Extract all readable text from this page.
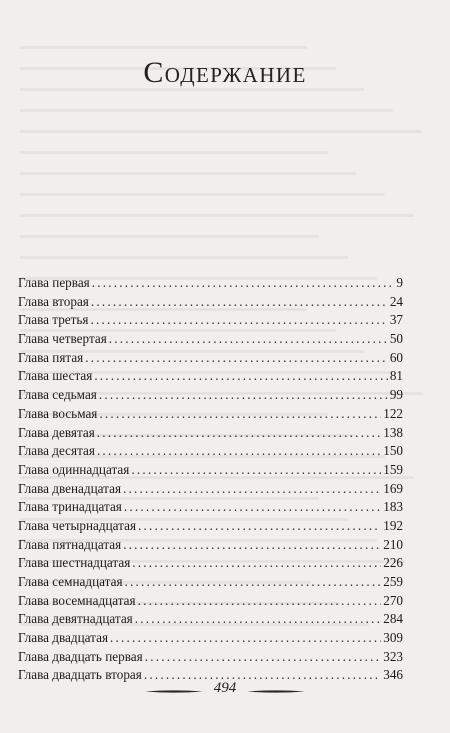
Содержание
Глава первая .....	9
Глава вторая .....	24
Глава третья .....	37
Глава четвертая .....	50
Глава пятая .....	60
Глава шестая .....	81
Глава седьмая .....	99
Глава восьмая .....	122
Глава девятая .....	138
Глава десятая .....	150
Глава одиннадцатая .....	159
Глава двенадцатая .....	169
Глава тринадцатая .....	183
Глава четырнадцатая .....	192
Глава пятнадцатая .....	210
Глава шестнадцатая .....	226
Глава семнадцатая .....	259
Глава восемнадцатая .....	270
Глава девятнадцатая .....	284
Глава двадцатая .....	309
Глава двадцать первая .....	323
Глава двадцать вторая .....	346
494
